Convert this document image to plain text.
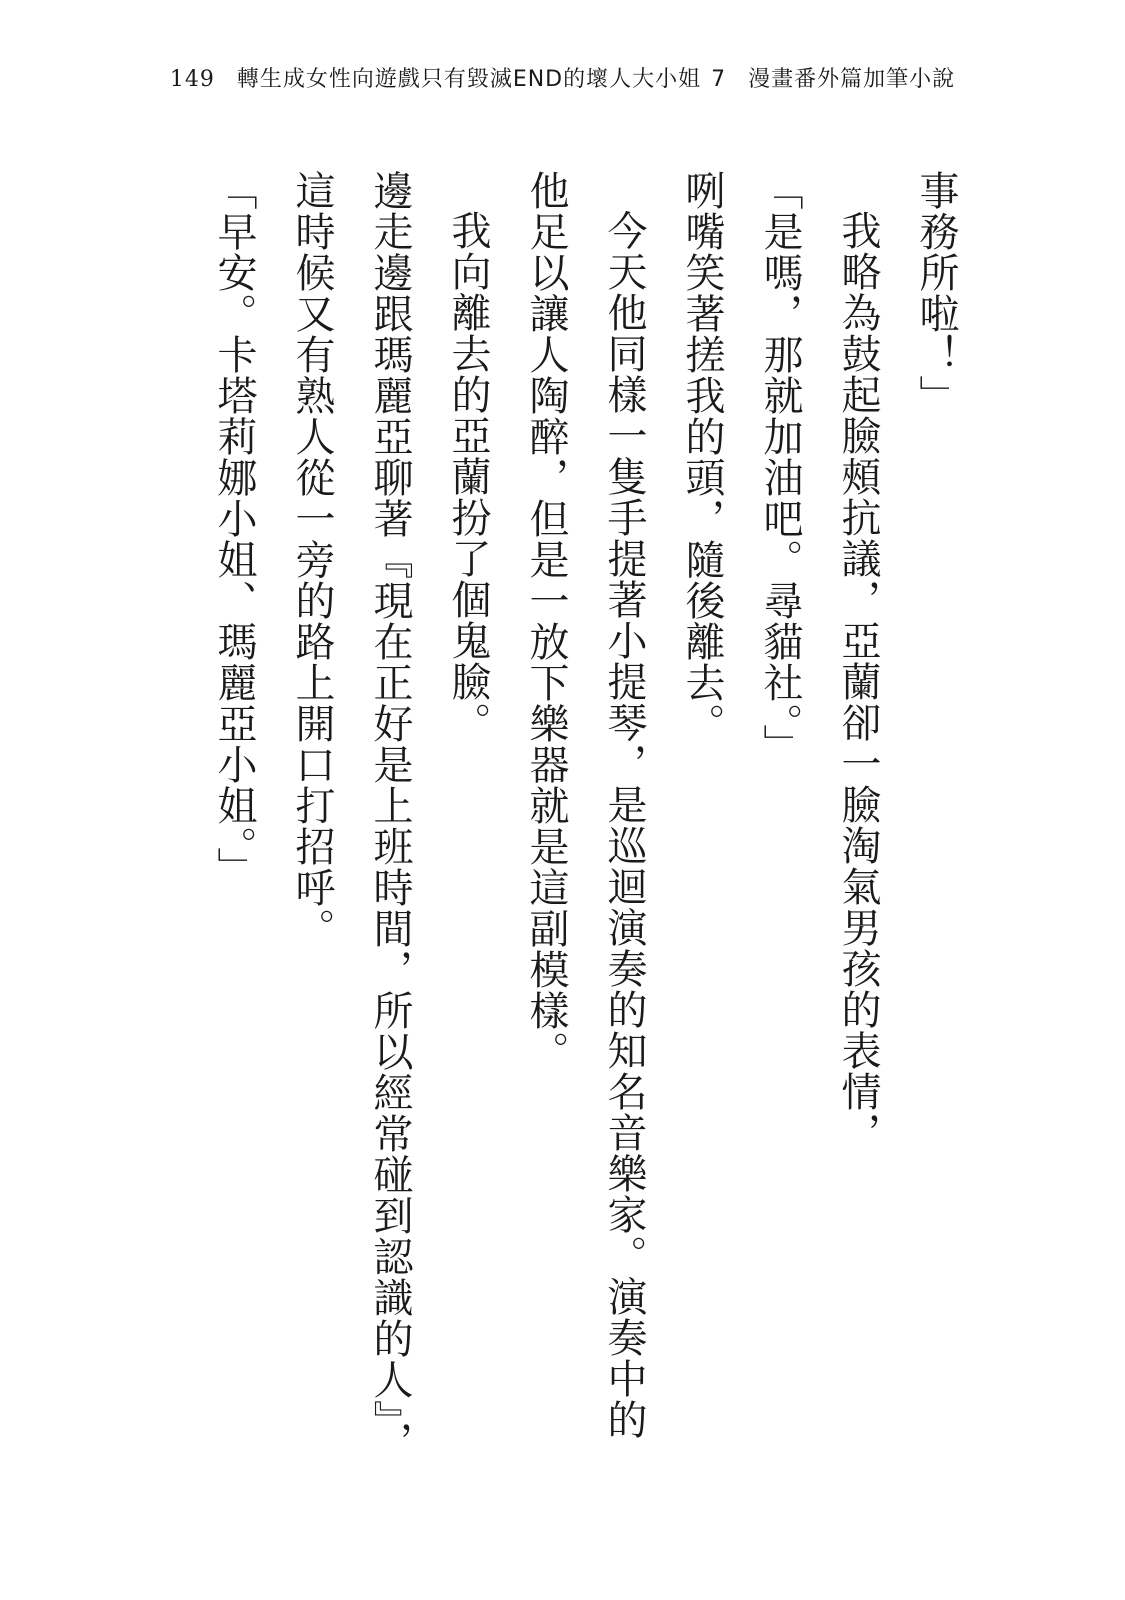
149 轉生成女性向遊戲只有毀滅END的壞人大小姐 7 漫畫番外篇加筆小說

事務所啦！」

我略為鼓起臉頰抗議，亞蘭卻一臉淘氣男孩的表情，

「是嗎，那就加油吧。尋貓社。」

咧嘴笑著搓我的頭，隨後離去。

今天他同樣一隻手提著小提琴，是巡迴演奏的知名音樂家。演奏中的他足以讓人陶醉，但是一放下樂器就是這副模樣。

我向離去的亞蘭扮了個鬼臉。

邊走邊跟瑪麗亞聊著『現在正好是上班時間，所以經常碰到認識的人』，這時候又有熟人從一旁的路上開口打招呼。

「早安。卡塔莉娜小姐、瑪麗亞小姐。」
